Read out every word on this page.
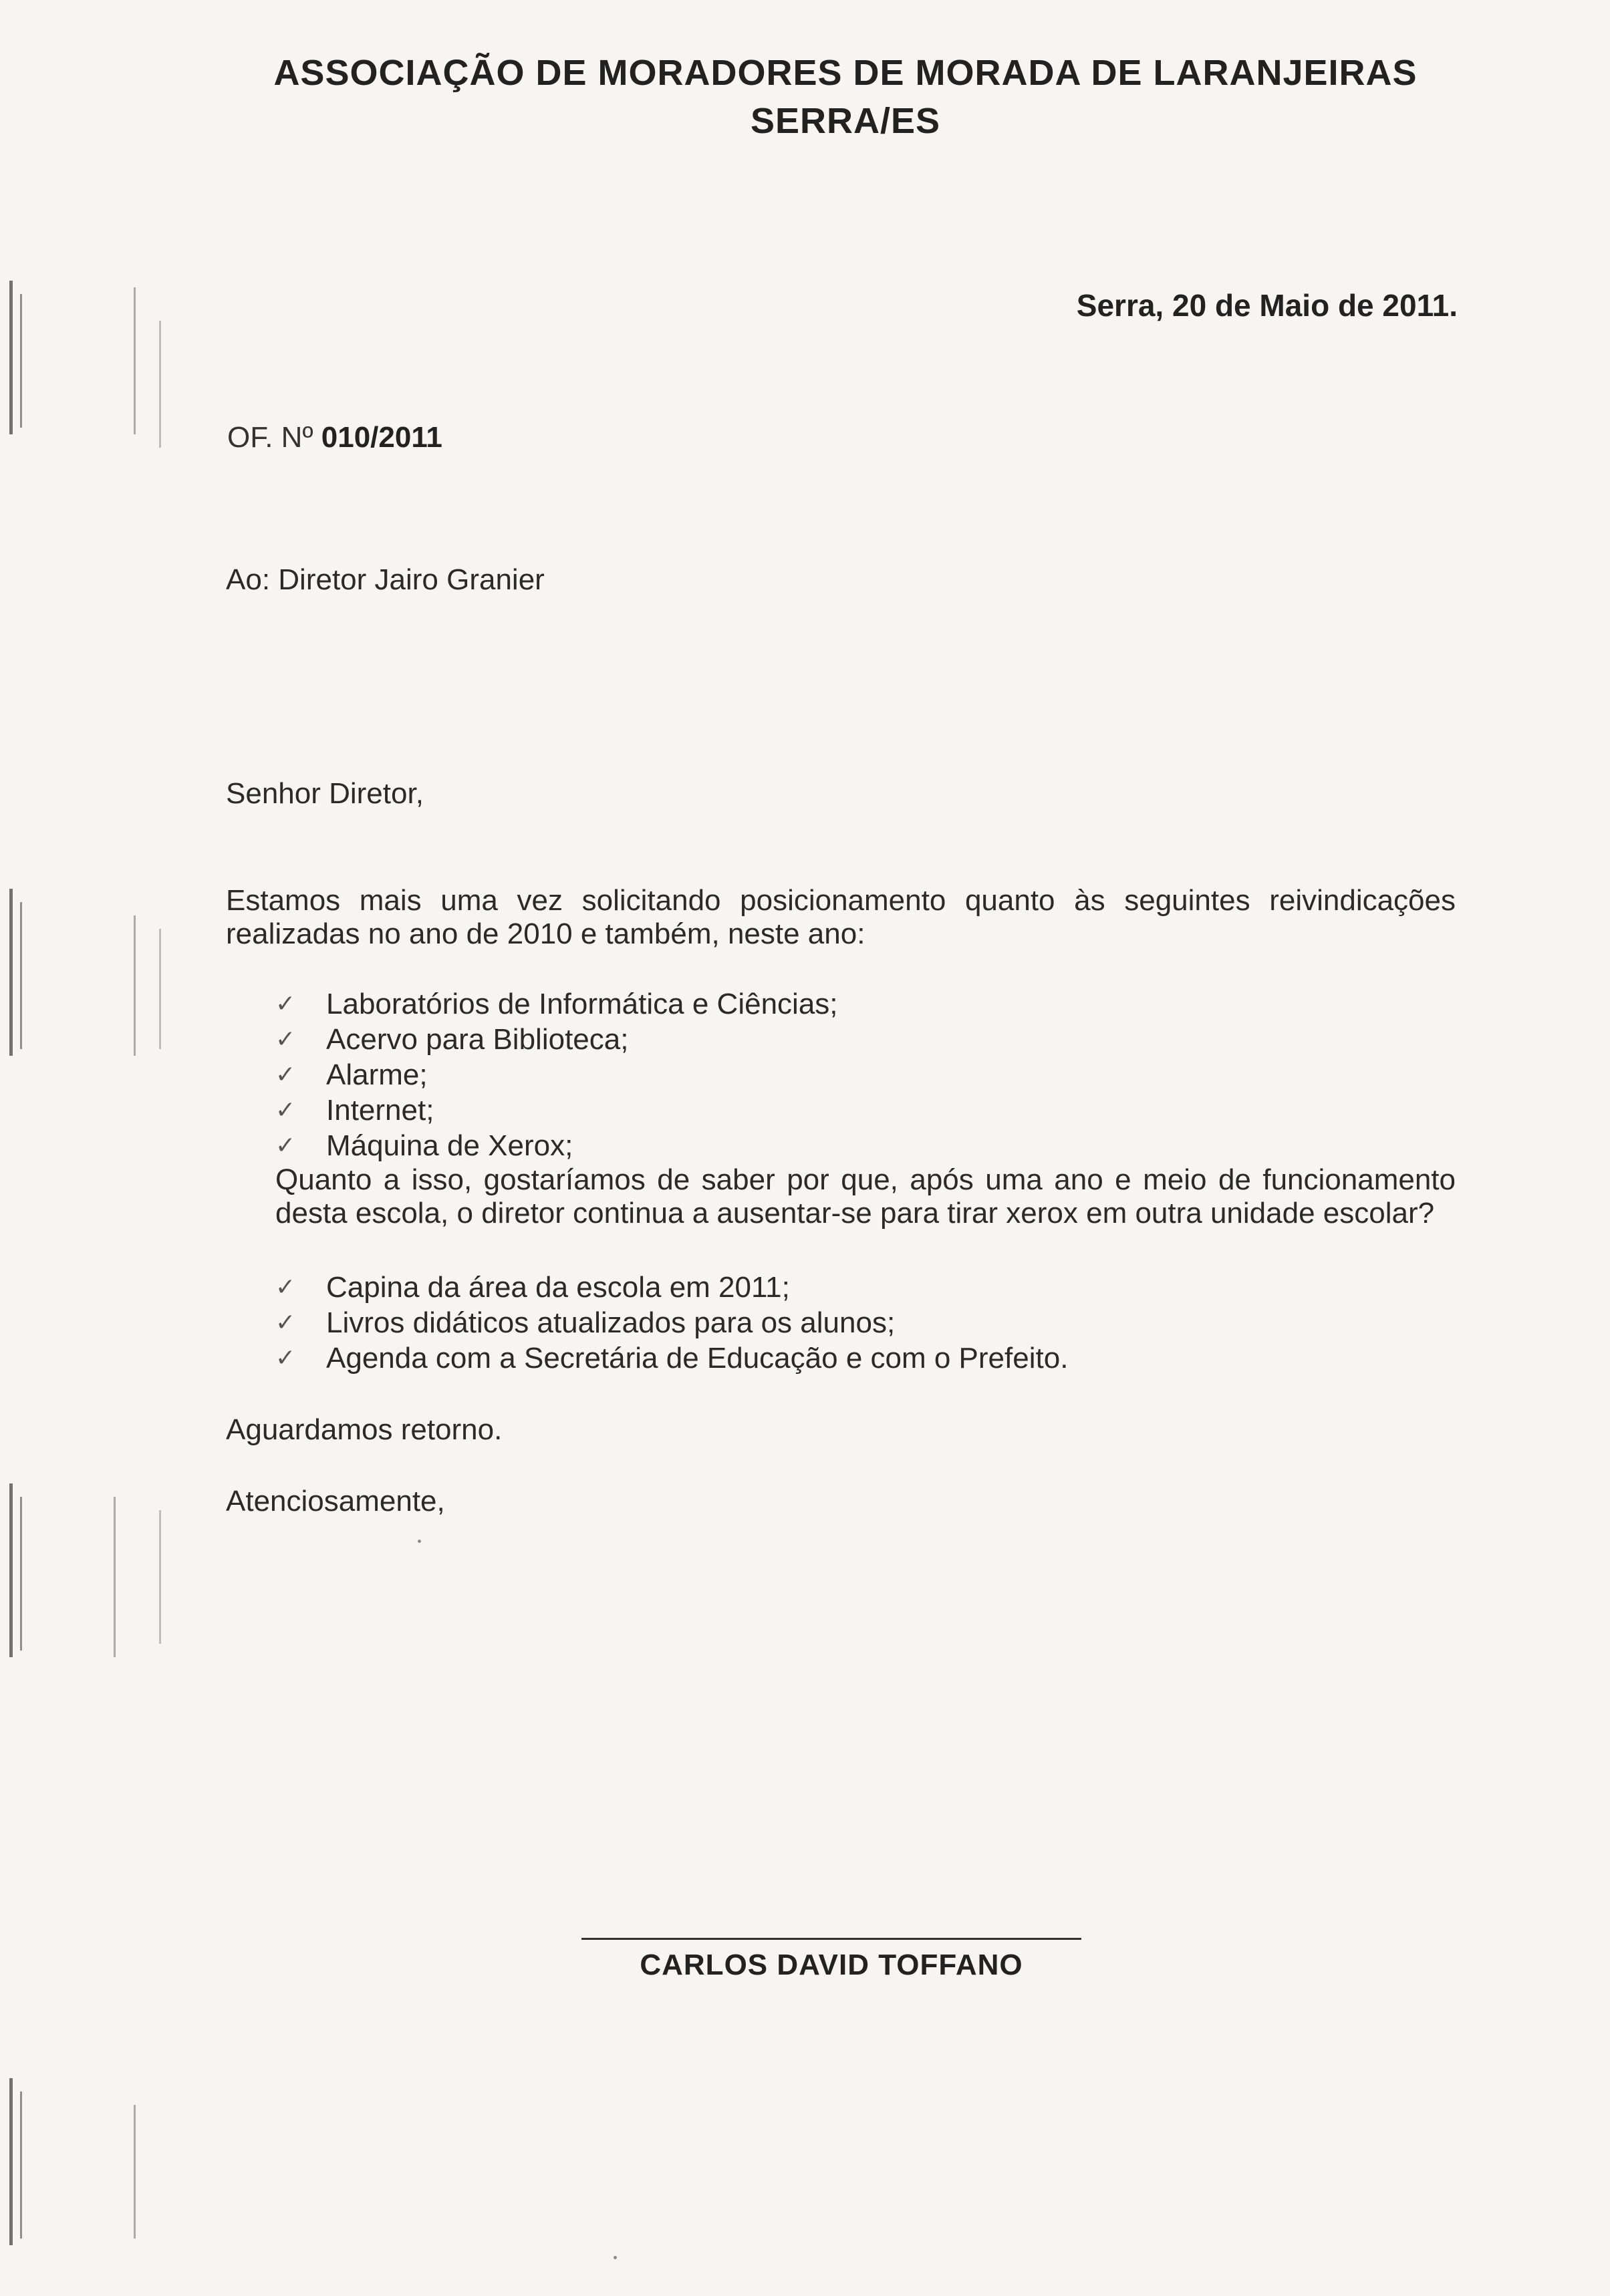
ASSOCIAÇÃO DE MORADORES DE MORADA DE LARANJEIRAS
SERRA/ES
Serra, 20 de Maio de 2011.
OF. Nº 010/2011
Ao: Diretor Jairo Granier
Senhor Diretor,
Estamos mais uma vez solicitando posicionamento quanto às seguintes reivindicações realizadas no ano de 2010 e também, neste ano:
✓ Laboratórios de Informática e Ciências;
✓ Acervo para Biblioteca;
✓ Alarme;
✓ Internet;
✓ Máquina de Xerox;

Quanto a isso, gostaríamos de saber por que, após uma ano e meio de funcionamento desta escola, o diretor continua a ausentar-se para tirar xerox em outra unidade escolar?

✓ Capina da área da escola em 2011;
✓ Livros didáticos atualizados para os alunos;
✓ Agenda com a Secretária de Educação e com o Prefeito.
Aguardamos retorno.
Atenciosamente,
CARLOS DAVID TOFFANO
